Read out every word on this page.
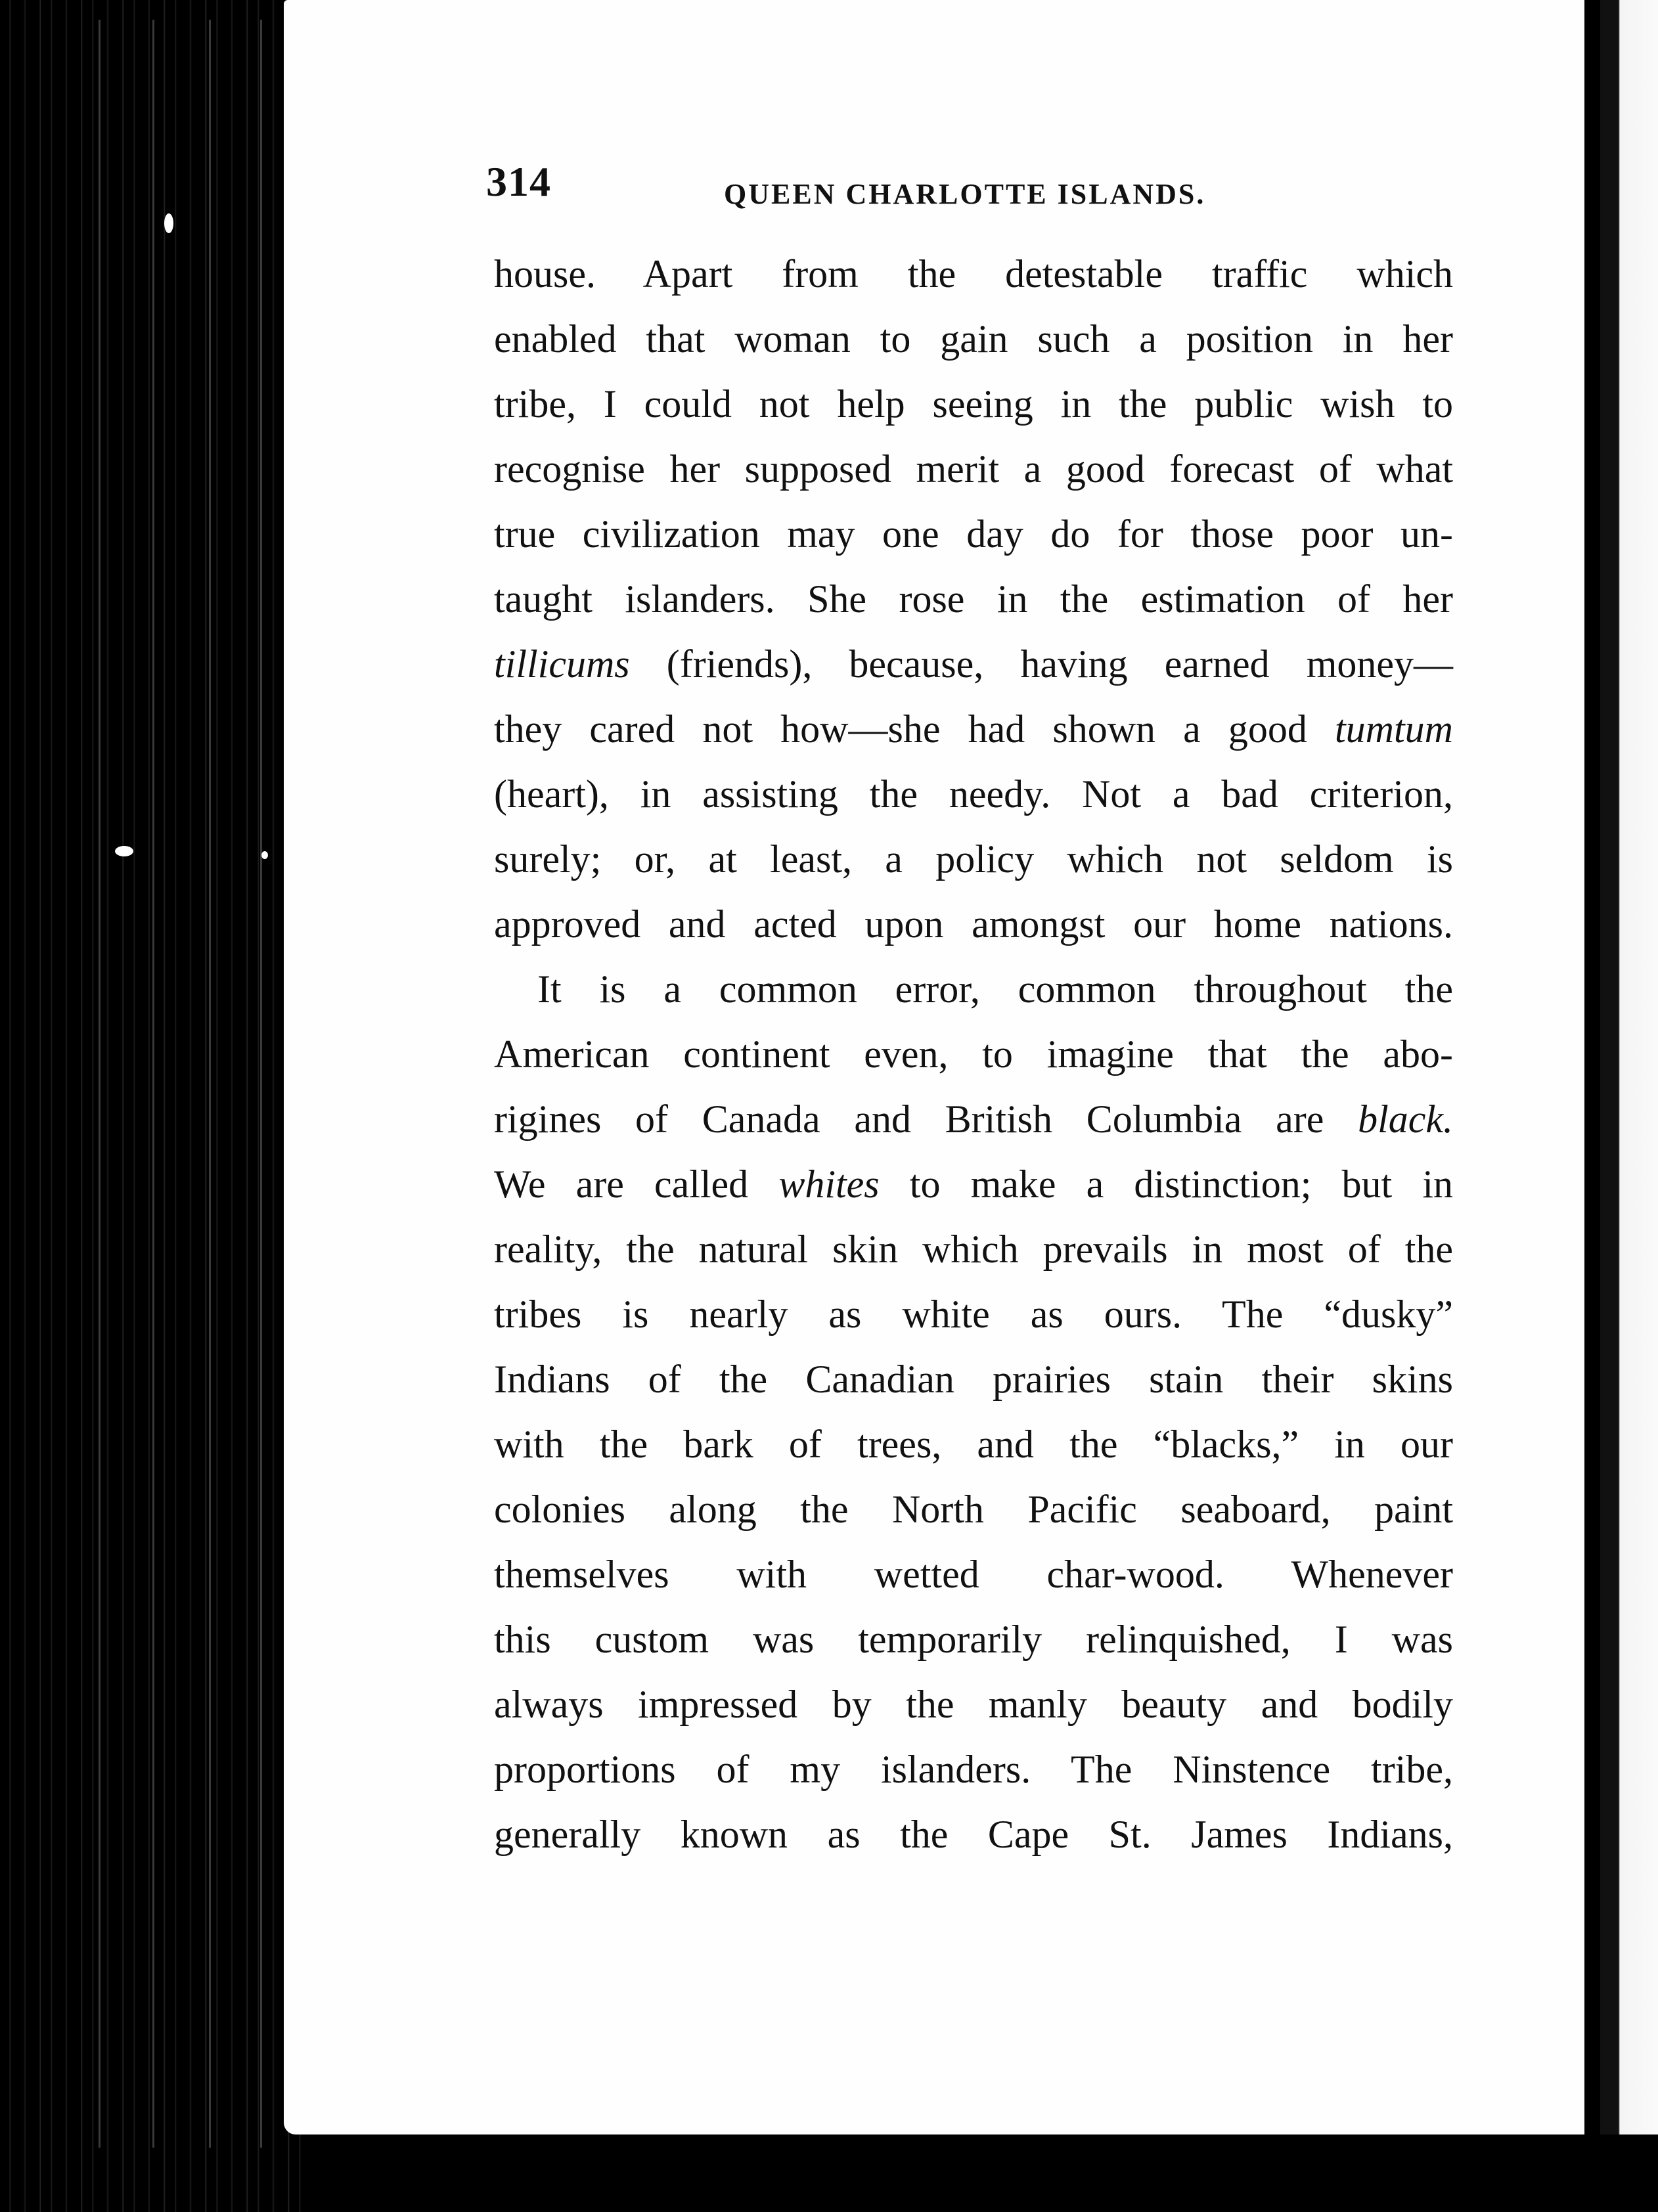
314	QUEEN CHARLOTTE ISLANDS.
house. Apart from the detestable traffic which
enabled that woman to gain such a position in her
tribe, I could not help seeing in the public wish to
recognise her supposed merit a good forecast of what
true civilization may one day do for those poor un-
taught islanders. She rose in the estimation of her
tillicums (friends), because, having earned money—
they cared not how—she had shown a good tumtum
(heart), in assisting the needy. Not a bad criterion,
surely; or, at least, a policy which not seldom is
approved and acted upon amongst our home nations.
It is a common error, common throughout the
American continent even, to imagine that the abo-
rigines of Canada and British Columbia are black.
We are called whites to make a distinction; but in
reality, the natural skin which prevails in most of the
tribes is nearly as white as ours. The “dusky”
Indians of the Canadian prairies stain their skins
with the bark of trees, and the “blacks,” in our
colonies along the North Pacific seaboard, paint
themselves with wetted char-wood. Whenever
this custom was temporarily relinquished, I was
always impressed by the manly beauty and bodily
proportions of my islanders. The Ninstence tribe,
generally known as the Cape St. James Indians,
